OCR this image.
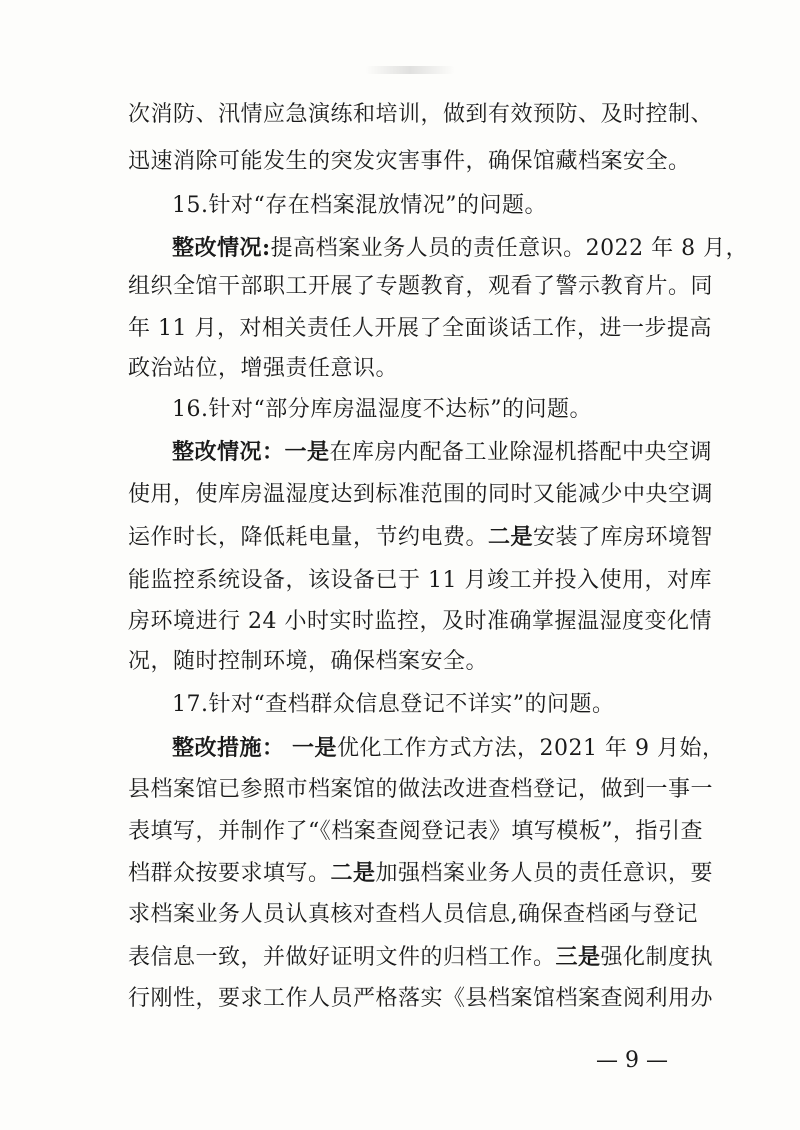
次消防、汛情应急演练和培训，做到有效预防、及时控制、
迅速消除可能发生的突发灾害事件，确保馆藏档案安全。
15.针对“存在档案混放情况”的问题。
整改情况:提高档案业务人员的责任意识。2022 年 8 月，
组织全馆干部职工开展了专题教育，观看了警示教育片。同
年 11 月，对相关责任人开展了全面谈话工作，进一步提高
政治站位，增强责任意识。
16.针对“部分库房温湿度不达标”的问题。
整改情况：一是在库房内配备工业除湿机搭配中央空调
使用，使库房温湿度达到标准范围的同时又能减少中央空调
运作时长，降低耗电量，节约电费。二是安装了库房环境智
能监控系统设备，该设备已于 11 月竣工并投入使用，对库
房环境进行 24 小时实时监控，及时准确掌握温湿度变化情
况，随时控制环境，确保档案安全。
17.针对“查档群众信息登记不详实”的问题。
整改措施： 一是优化工作方式方法，2021 年 9 月始，
县档案馆已参照市档案馆的做法改进查档登记，做到一事一
表填写，并制作了“《档案查阅登记表》填写模板”，指引查
档群众按要求填写。二是加强档案业务人员的责任意识，要
求档案业务人员认真核对查档人员信息,确保查档函与登记
表信息一致，并做好证明文件的归档工作。三是强化制度执
行刚性，要求工作人员严格落实《县档案馆档案查阅利用办
— 9 —
